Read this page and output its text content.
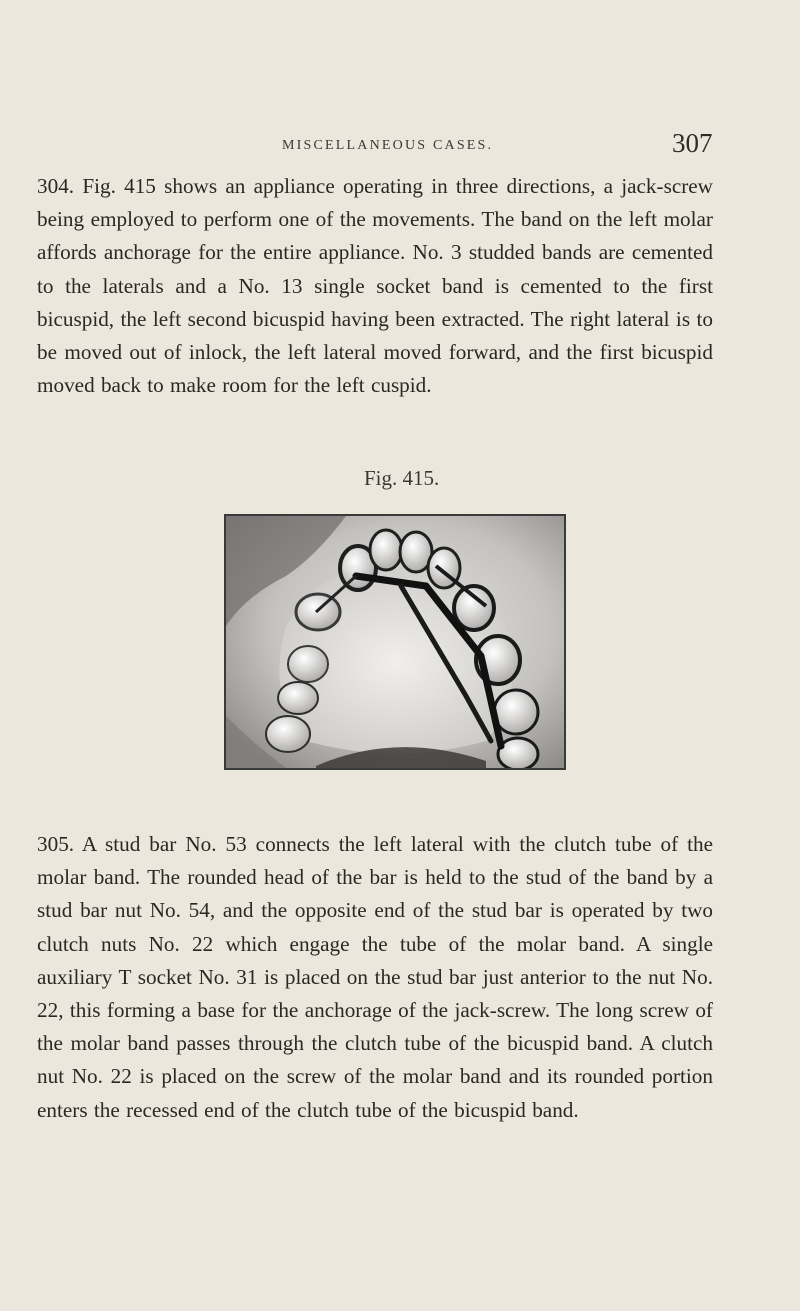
MISCELLANEOUS CASES.	307

304. Fig. 415 shows an appliance operating in three directions, a jack-screw being employed to perform one of the movements. The band on the left molar affords anchorage for the entire appliance. No. 3 studded bands are cemented to the laterals and a No. 13 single socket band is cemented to the first bicuspid, the left second bicuspid having been extracted. The right lateral is to be moved out of inlock, the left lateral moved forward, and the first bicuspid moved back to make room for the left cuspid.

Fig. 415.

305. A stud bar No. 53 connects the left lateral with the clutch tube of the molar band. The rounded head of the bar is held to the stud of the band by a stud bar nut No. 54, and the opposite end of the stud bar is operated by two clutch nuts No. 22 which engage the tube of the molar band. A single auxiliary T socket No. 31 is placed on the stud bar just anterior to the nut No. 22, this forming a base for the anchorage of the jack-screw. The long screw of the molar band passes through the clutch tube of the bicuspid band. A clutch nut No. 22 is placed on the screw of the molar band and its rounded portion enters the recessed end of the clutch tube of the bicuspid band.
